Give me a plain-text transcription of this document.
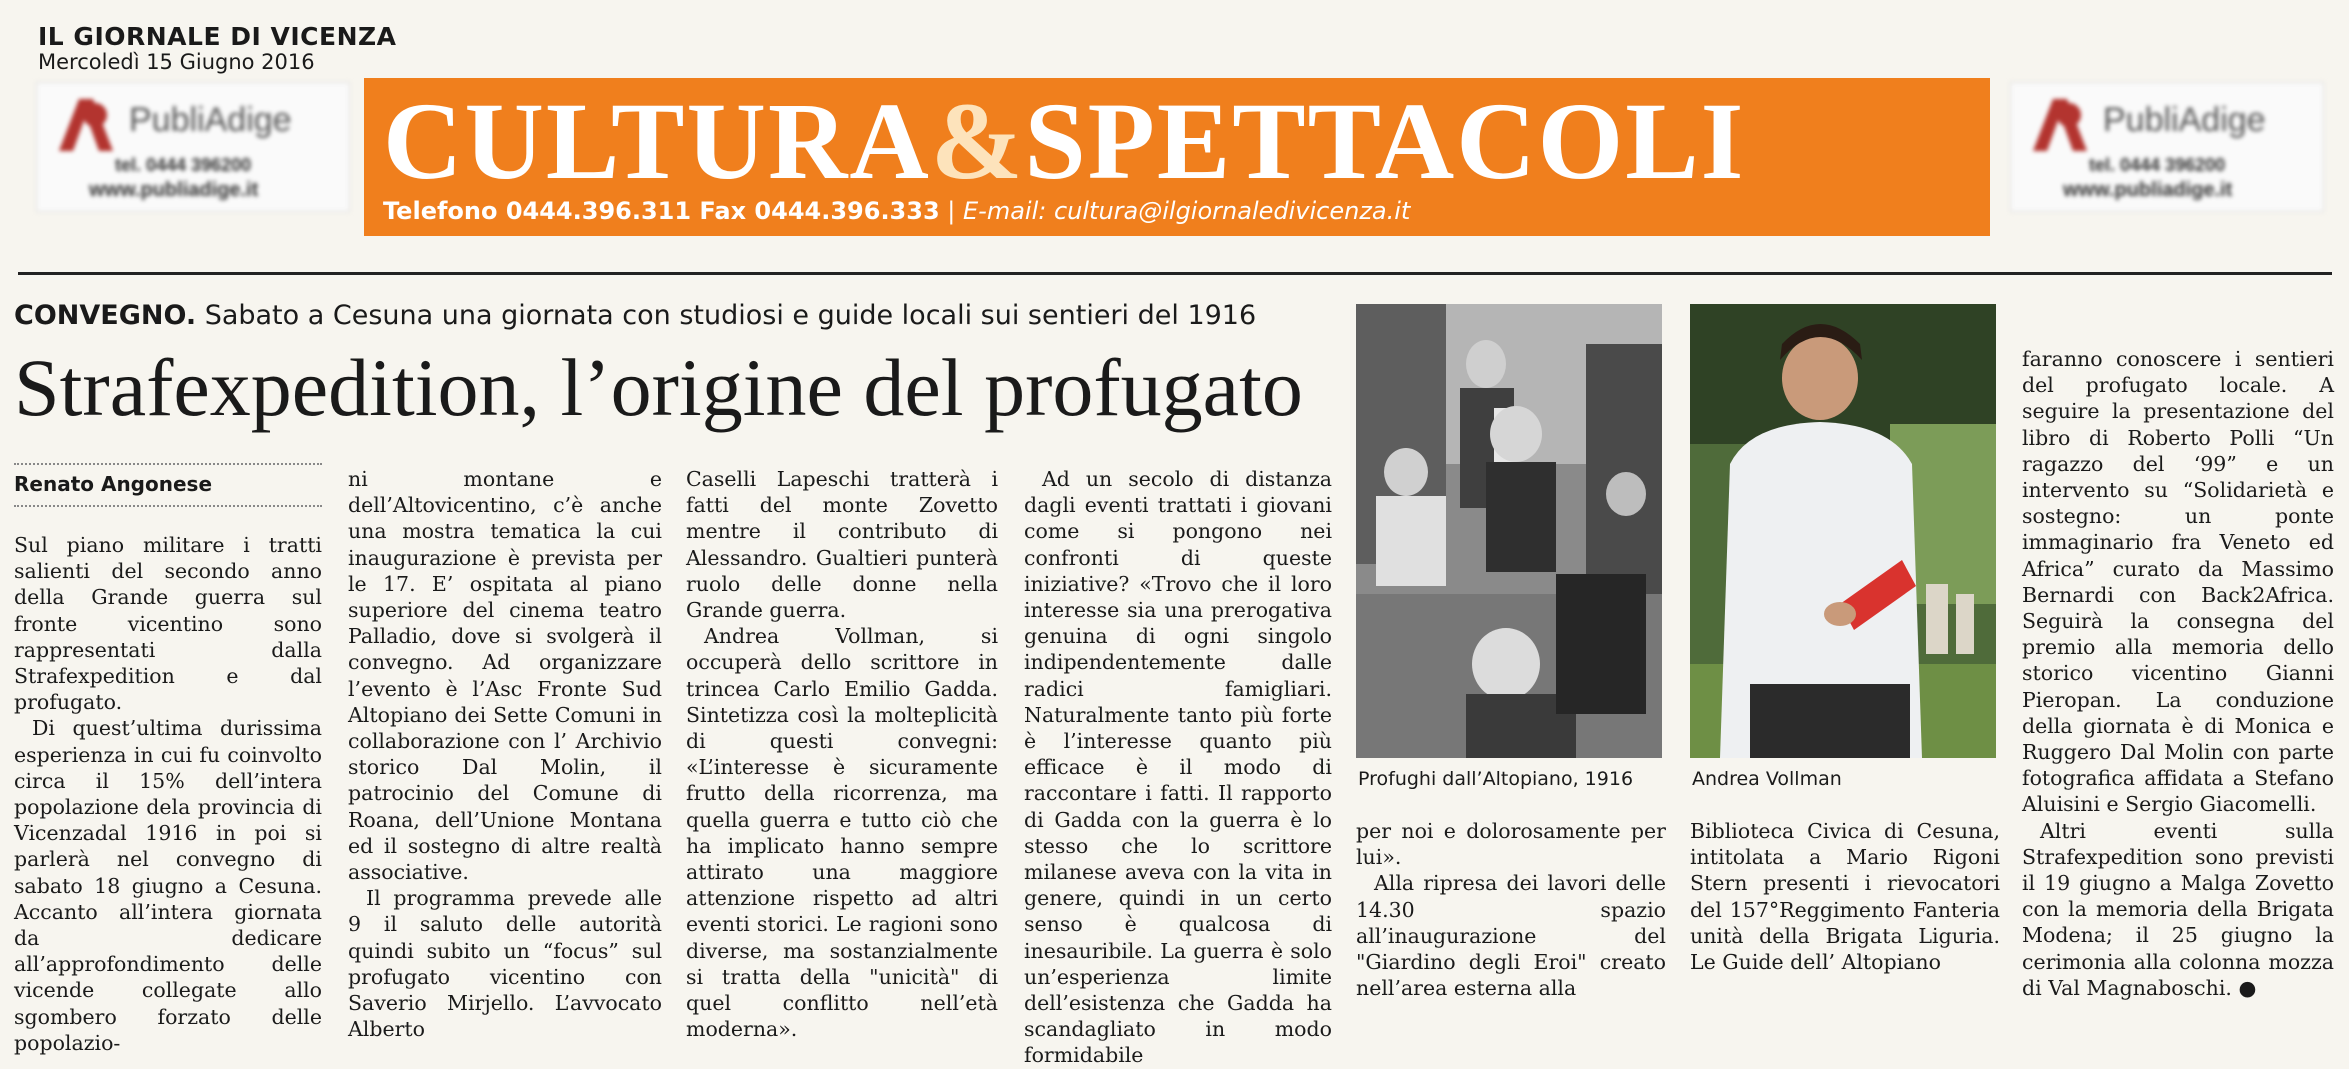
IL GIORNALE DI VICENZA
Mercoledì 15 Giugno 2016
PubliAdige
tel. 0444 396200
www.publiadige.it
PubliAdige
tel. 0444 396200
www.publiadige.it
CULTURA&SPETTACOLI
Telefono 0444.396.311 Fax 0444.396.333 | E-mail: cultura@ilgiornaledivicenza.it
CONVEGNO. Sabato a Cesuna una giornata con studiosi e guide locali sui sentieri del 1916
Strafexpedition, l’origine del profugato
Renato Angonese

Sul piano militare i tratti salienti del secondo anno della Grande guerra sul fronte vicentino sono rappresentati dalla Strafexpedition e dal profugato.

Di quest’ultima durissima esperienza in cui fu coinvolto circa il 15% dell’intera popolazione dela provincia di Vicenzadal 1916 in poi si parlerà nel convegno di sabato 18 giugno a Cesuna. Accanto all’intera giornata da dedicare all’approfondimento delle vicende collegate allo sgombero forzato delle popolazio-

ni montane e dell’Altovicentino, c’è anche una mostra tematica la cui inaugurazione è prevista per le 17. E’ ospitata al piano superiore del cinema teatro Palladio, dove si svolgerà il convegno. Ad organizzare l’evento è l’Asc Fronte Sud Altopiano dei Sette Comuni in collaborazione con l’ Archivio storico Dal Molin, il patrocinio del Comune di Roana, dell’Unione Montana ed il sostegno di altre realtà associative.

Il programma prevede alle 9 il saluto delle autorità quindi subito un “focus” sul profugato vicentino con Saverio Mirjello. L’avvocato Alberto

Caselli Lapeschi tratterà i fatti del monte Zovetto mentre il contributo di Alessandro. Gualtieri punterà ruolo delle donne nella Grande guerra.

Andrea Vollman, si occuperà dello scrittore in trincea Carlo Emilio Gadda. Sintetizza così la molteplicità di questi convegni: «L’interesse è sicuramente frutto della ricorrenza, ma quella guerra e tutto ciò che ha implicato hanno sempre attirato una maggiore attenzione rispetto ad altri eventi storici. Le ragioni sono diverse, ma sostanzialmente si tratta della "unicità" di quel conflitto nell’età moderna».

Ad un secolo di distanza dagli eventi trattati i giovani come si pongono nei confronti di queste iniziative? «Trovo che il loro interesse sia una prerogativa genuina di ogni singolo indipendentemente dalle radici famigliari. Naturalmente tanto più forte è l’interesse quanto più efficace è il modo di raccontare i fatti. Il rapporto di Gadda con la guerra è lo stesso che lo scrittore milanese aveva con la vita in genere, quindi in un certo senso è qualcosa di inesauribile. La guerra è solo un’esperienza limite dell’esistenza che Gadda ha scandagliato in modo formidabile

Profughi dall’Altopiano, 1916	Andrea Vollman

per noi e dolorosamente per lui».

Alla ripresa dei lavori delle 14.30 spazio all’inaugurazione del "Giardino degli Eroi" creato nell’area esterna alla

Biblioteca Civica di Cesuna, intitolata a Mario Rigoni Stern presenti i rievocatori del 157°Reggimento Fanteria unità della Brigata Liguria. Le Guide dell’ Altopiano

faranno conoscere i sentieri del profugato locale. A seguire la presentazione del libro di Roberto Polli “Un ragazzo del ‘99” e un intervento su “Solidarietà e sostegno: un ponte immaginario fra Veneto ed Africa” curato da Massimo Bernardi con Back2Africa. Seguirà la consegna del premio alla memoria dello storico vicentino Gianni Pieropan. La conduzione della giornata è di Monica e Ruggero Dal Molin con parte fotografica affidata a Stefano Aluisini e Sergio Giacomelli.

Altri eventi sulla Strafexpedition sono previsti il 19 giugno a Malga Zovetto con la memoria della Brigata Modena; il 25 giugno la cerimonia alla colonna mozza di Val Magnaboschi. ●
